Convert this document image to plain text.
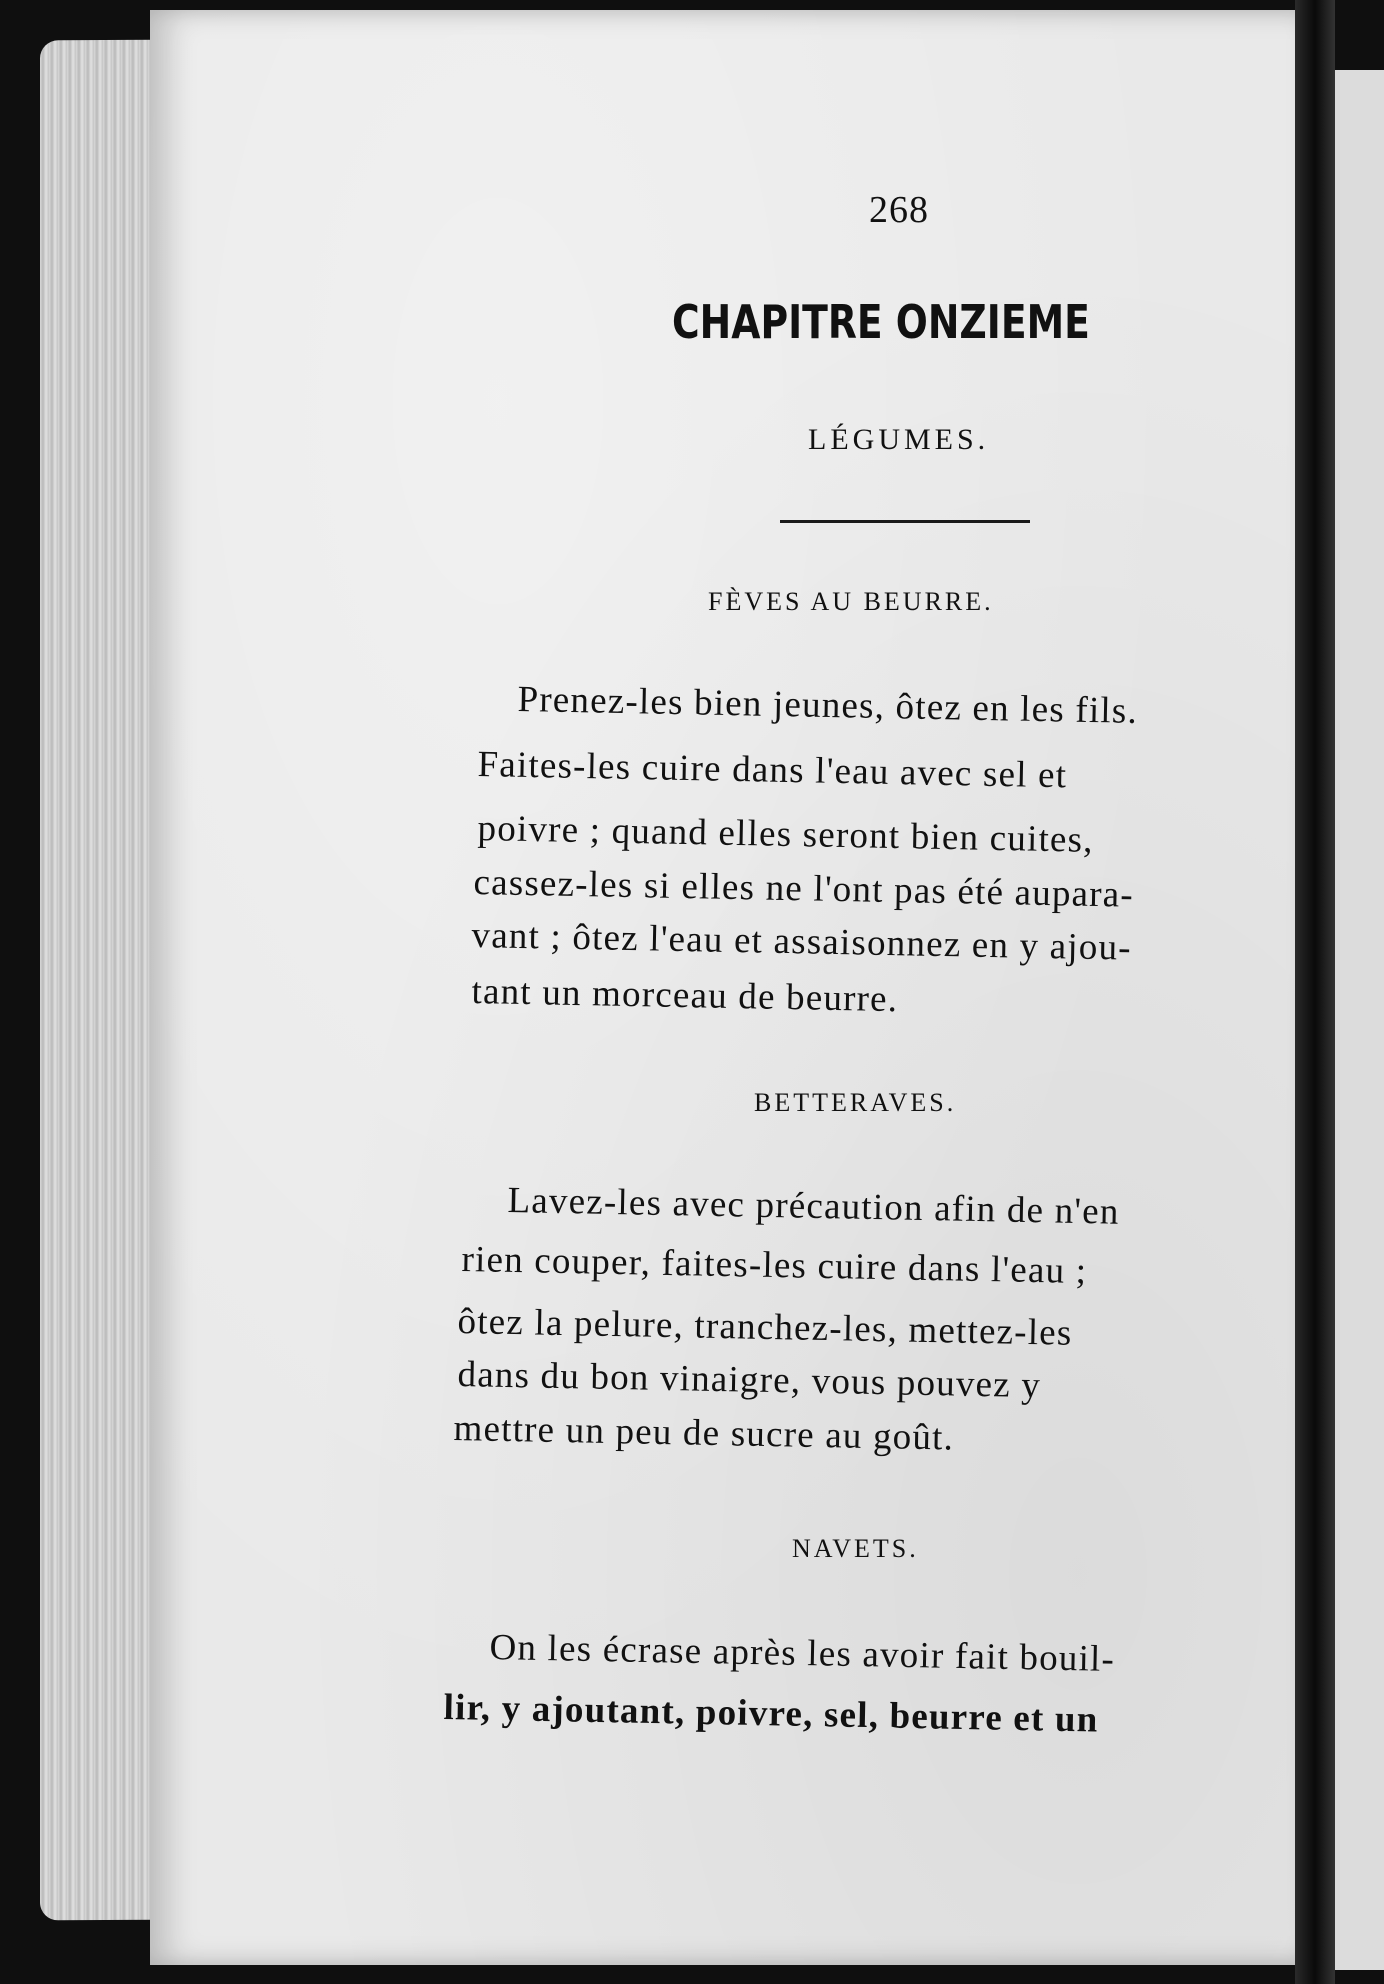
268
CHAPITRE ONZIEME
LÉGUMES.
FÈVES AU BEURRE.
Prenez-les bien jeunes, ôtez en les fils.
Faites-les cuire dans l'eau avec sel et
poivre ; quand elles seront bien cuites,
cassez-les si elles ne l'ont pas été aupara-
vant ; ôtez l'eau et assaisonnez en y ajou-
tant un morceau de beurre.
BETTERAVES.
Lavez-les avec précaution afin de n'en
rien couper, faites-les cuire dans l'eau ;
ôtez la pelure, tranchez-les, mettez-les
dans du bon vinaigre, vous pouvez y
mettre un peu de sucre au goût.
NAVETS.
On les écrase après les avoir fait bouil-
lir, y ajoutant, poivre, sel, beurre et un
